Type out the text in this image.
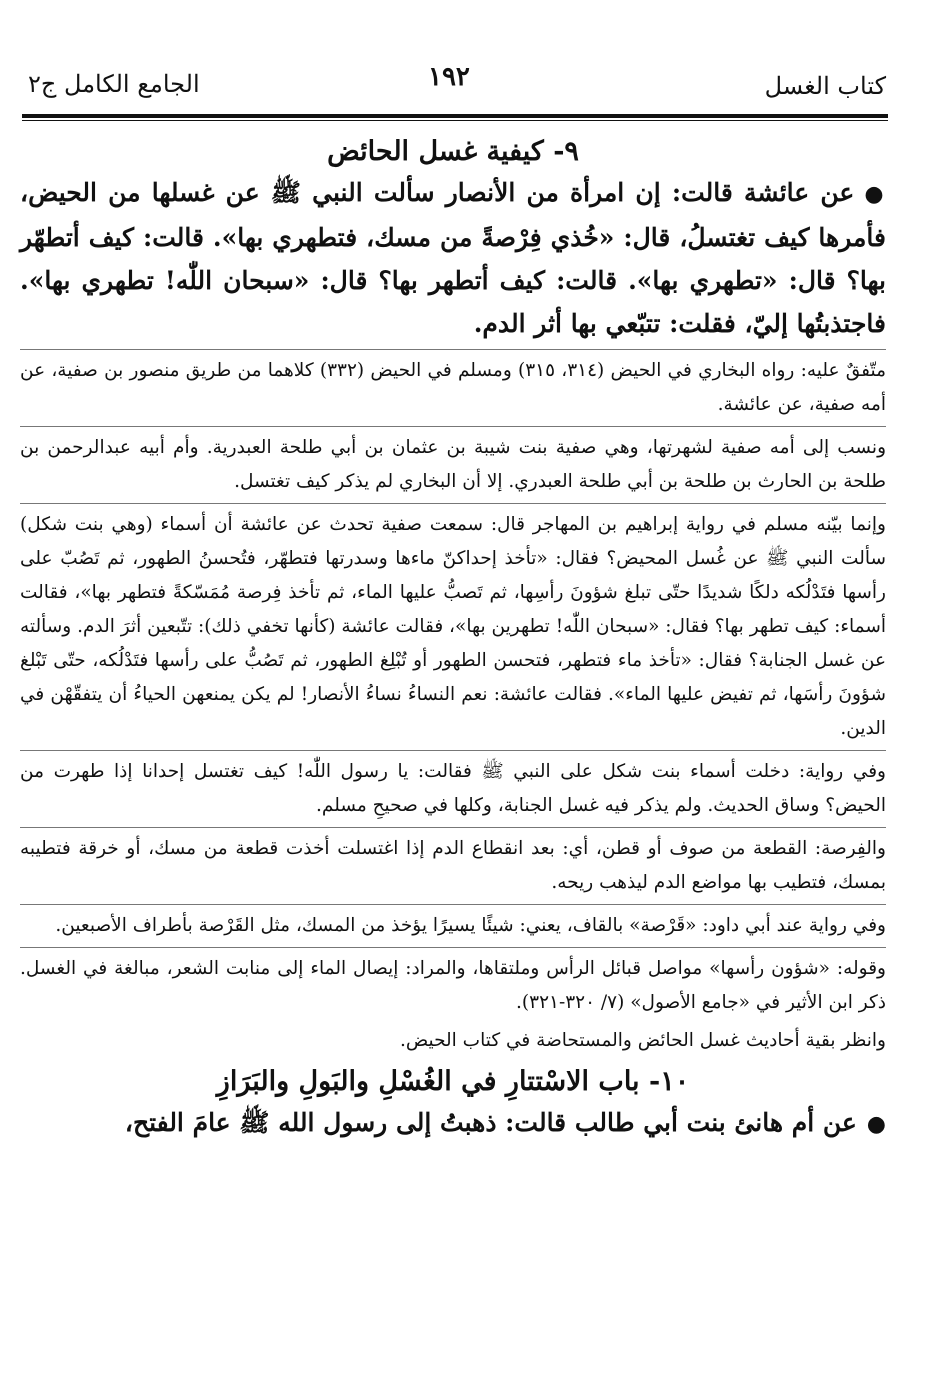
كتاب الغسل
١٩٢
الجامع الكامل ج٢
٩- كيفية غسل الحائض

●عن عائشة قالت: إن امرأة من الأنصار سألت النبي ﷺ عن غسلها من الحيض، فأمرها كيف تغتسلُ، قال: «خُذي فِرْصةً من مسك، فتطهري بها». قالت: كيف أتطهّر بها؟ قال: «تطهري بها». قالت: كيف أتطهر بها؟ قال: «سبحان اللّٰه! تطهري بها». فاجتذبتُها إليّ، فقلت: تتبّعي بها أثر الدم.

متّفقٌ عليه: رواه البخاري في الحيض (٣١٤، ٣١٥) ومسلم في الحيض (٣٣٢) كلاهما من طريق منصور بن صفية، عن أمه صفية، عن عائشة.

ونسب إلى أمه صفية لشهرتها، وهي صفية بنت شيبة بن عثمان بن أبي طلحة العبدرية. وأم أبيه عبدالرحمن بن طلحة بن الحارث بن طلحة بن أبي طلحة العبدري. إلا أن البخاري لم يذكر كيف تغتسل.

وإنما بيّنه مسلم في رواية إبراهيم بن المهاجر قال: سمعت صفية تحدث عن عائشة أن أسماء (وهي بنت شكل) سألت النبي ﷺ عن غُسل المحيض؟ فقال: «تأخذ إحداكنّ ماءها وسدرتها فتطهّر، فتُحسنُ الطهور، ثم تَصُبّ على رأسها فتَدْلُكه دلكًا شديدًا حتّى تبلغ شؤونَ رأسِها، ثم تَصبُّ عليها الماء، ثم تأخذ فِرصة مُمَسّكةً فتطهر بها»، فقالت أسماء: كيف تطهر بها؟ فقال: «سبحان اللّٰه! تطهرين بها»، فقالت عائشة (كأنها تخفي ذلك): تتّبعين أثرَ الدم. وسألته عن غسل الجنابة؟ فقال: «تأخذ ماء فتطهر، فتحسن الطهور أو تُبْلِغ الطهور، ثم تَصُبُّ على رأسها فتَدْلُكه، حتّى تَبْلغ شؤونَ رأسَها، ثم تفيض عليها الماء». فقالت عائشة: نعم النساءُ نساءُ الأنصار! لم يكن يمنعهن الحياءُ أن يتفقّهْن في الدين.

وفي رواية: دخلت أسماء بنت شكل على النبي ﷺ فقالت: يا رسول اللّٰه! كيف تغتسل إحدانا إذا طهرت من الحيض؟ وساق الحديث. ولم يذكر فيه غسل الجنابة، وكلها في صحيحِ مسلم.

والفِرصة: القطعة من صوف أو قطن، أي: بعد انقطاع الدم إذا اغتسلت أخذت قطعة من مسك، أو خرقة فتطيبه بمسك، فتطيب بها مواضع الدم ليذهب ريحه.

وفي رواية عند أبي داود: «قَرْصة» بالقاف، يعني: شيئًا يسيرًا يؤخذ من المسك، مثل القَرْصة بأطراف الأصبعين.

وقوله: «شؤون رأسها» مواصل قبائل الرأس وملتقاها، والمراد: إيصال الماء إلى منابت الشعر، مبالغة في الغسل. ذكر ابن الأثير في «جامع الأصول» (٧/ ٣٢٠-٣٢١).

وانظر بقية أحاديث غسل الحائض والمستحاضة في كتاب الحيض.

١٠- باب الاسْتتارِ في الغُسْلِ والبَولِ والبَرَازِ

●عن أم هانئ بنت أبي طالب قالت: ذهبتُ إلى رسول الله ﷺ عامَ الفتح،
